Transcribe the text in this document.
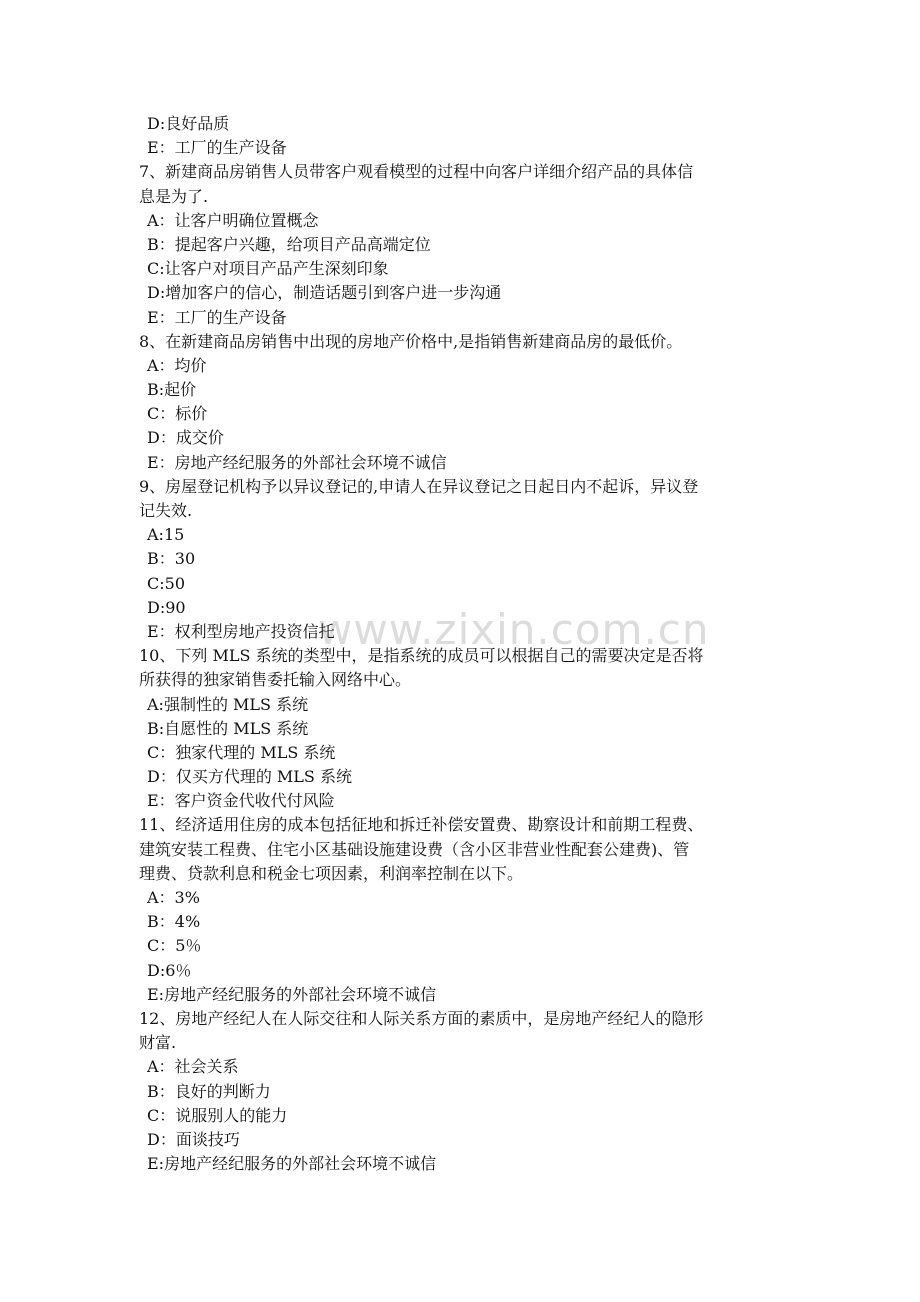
www.zixin.com.cn
D:良好品质
E：工厂的生产设备
7、新建商品房销售人员带客户观看模型的过程中向客户详细介绍产品的具体信
息是为了.
A：让客户明确位置概念
B：提起客户兴趣，给项目产品高端定位
C:让客户对项目产品产生深刻印象
D:增加客户的信心，制造话题引到客户进一步沟通
E：工厂的生产设备
8、在新建商品房销售中出现的房地产价格中,是指销售新建商品房的最低价。
A：均价
B:起价
C：标价
D：成交价
E：房地产经纪服务的外部社会环境不诚信
9、房屋登记机构予以异议登记的,申请人在异议登记之日起日内不起诉，异议登
记失效.
A:15
B：30
C:50
D:90
E：权利型房地产投资信托
10、下列 MLS 系统的类型中，是指系统的成员可以根据自己的需要决定是否将
所获得的独家销售委托输入网络中心。
A:强制性的 MLS 系统
B:自愿性的 MLS 系统
C：独家代理的 MLS 系统
D：仅买方代理的 MLS 系统
E：客户资金代收代付风险
11、经济适用住房的成本包括征地和拆迁补偿安置费、勘察设计和前期工程费、
建筑安装工程费、住宅小区基础设施建设费（含小区非营业性配套公建费)、管
理费、贷款利息和税金七项因素，利润率控制在以下。
A：3%
B：4%
C：5％
D:6％
E:房地产经纪服务的外部社会环境不诚信
12、房地产经纪人在人际交往和人际关系方面的素质中，是房地产经纪人的隐形
财富.
A：社会关系
B：良好的判断力
C：说服别人的能力
D：面谈技巧
E:房地产经纪服务的外部社会环境不诚信
